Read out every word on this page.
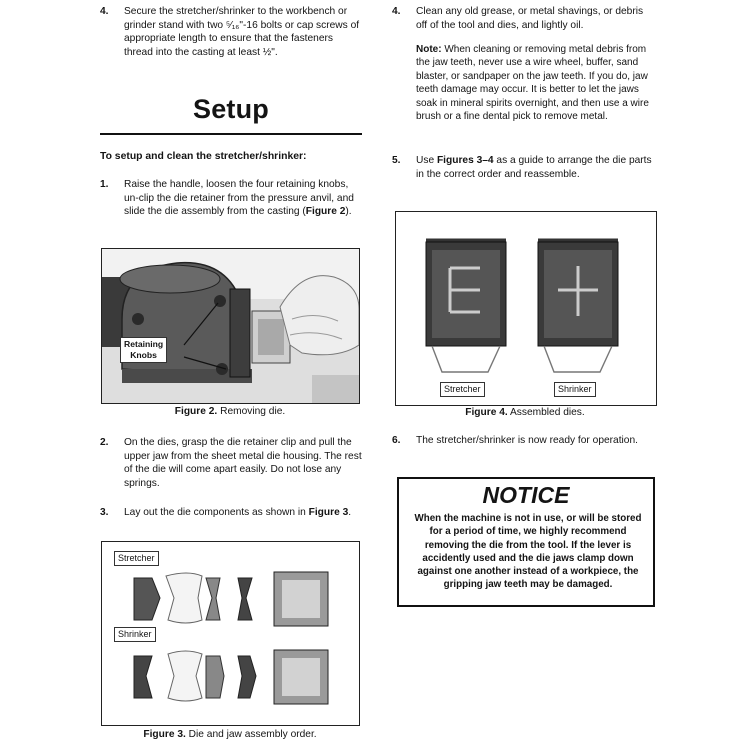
4. Secure the stretcher/shrinker to the workbench or grinder stand with two ⁵⁄₁₆"-16 bolts or cap screws of appropriate length to ensure that the fasteners thread into the casting at least ½".
Setup
To setup and clean the stretcher/shrinker:
1. Raise the handle, loosen the four retaining knobs, un-clip the die retainer from the pressure anvil, and slide the die assembly from the casting (Figure 2).
Retaining
Knobs
Figure 2. Removing die.
2. On the dies, grasp the die retainer clip and pull the upper jaw from the sheet metal die housing. The rest of the die will come apart easily. Do not lose any springs.
3. Lay out the die components as shown in Figure 3.
Stretcher
Shrinker
Figure 3. Die and jaw assembly order.
4. Clean any old grease, or metal shavings, or debris off of the tool and dies, and lightly oil.
Note: When cleaning or removing metal debris from the jaw teeth, never use a wire wheel, buffer, sand blaster, or sandpaper on the jaw teeth. If you do, jaw teeth damage may occur. It is better to let the jaws soak in mineral spirits overnight, and then use a wire brush or a fine dental pick to remove metal.
5. Use Figures 3–4 as a guide to arrange the die parts in the correct order and reassemble.
Stretcher	Shrinker
Figure 4. Assembled dies.
6. The stretcher/shrinker is now ready for operation.
NOTICE
When the machine is not in use, or will be stored for a period of time, we highly recommend removing the die from the tool. If the lever is accidently used and the die jaws clamp down against one another instead of a workpiece, the gripping jaw teeth may be damaged.
